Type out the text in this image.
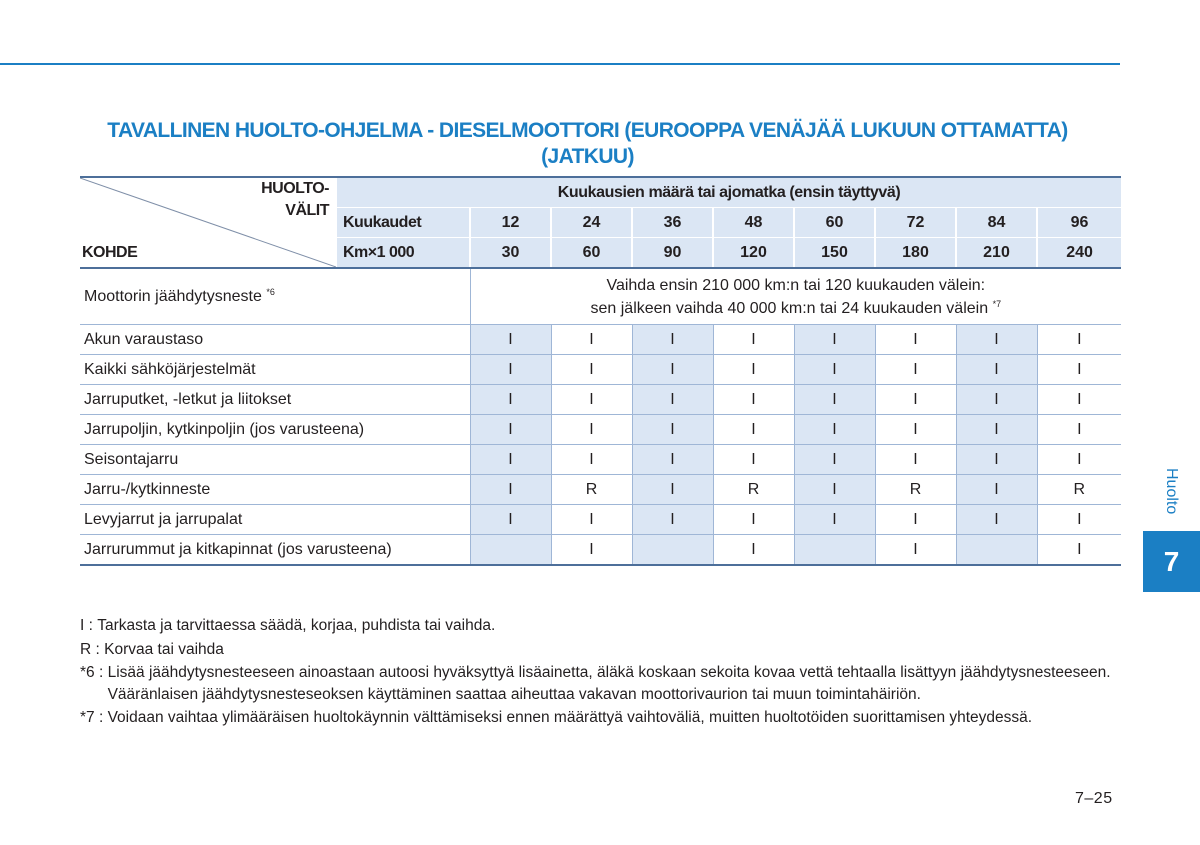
TAVALLINEN HUOLTO-OHJELMA - DIESELMOOTTORI (EUROOPPA VENÄJÄÄ LUKUUN OTTAMATTA)
(JATKUU)
HUOLTO-
VÄLIT
KOHDE	Kuukausien määrä tai ajomatka (ensin täyttyvä)								
	Kuukaudet	12	24	36	48	60	72	84	96
	Km×1 000	30	60	90	120	150	180	210	240
Moottorin jäähdytysneste $^{*6}$		Vaihda ensin 210 000 km:n tai 120 kuukauden välein:
sen jälkeen vaihda 40 000 km:n tai 24 kuukauden välein $^{*7}$

Akun varaustaso		I	I	I	I	I	I	I	I
Kaikki sähköjärjestelmät		I	I	I	I	I	I	I	I
Jarruputket, -letkut ja liitokset		I	I	I	I	I	I	I	I
Jarrupoljin, kytkinpoljin (jos varusteena)		I	I	I	I	I	I	I	I
Seisontajarru		I	I	I	I	I	I	I	I
Jarru-/kytkinneste		I	R	I	R	I	R	I	R
Levyjarrut ja jarrupalat		I	I	I	I	I	I	I	I
Jarrurummut ja kitkapinnat (jos varusteena)			I		I		I		I
I : Tarkasta ja tarvittaessa säädä, korjaa, puhdista tai vaihda.
R : Korvaa tai vaihda
*6 : Lisää jäähdytysnesteeseen ainoastaan autoosi hyväksyttyä lisäainetta, äläkä koskaan sekoita kovaa vettä tehtaalla lisättyyn jäähdytysnesteeseen. Vääränlaisen jäähdytysnesteseoksen käyttäminen saattaa aiheuttaa vakavan moottorivaurion tai muun toimintahäiriön.
*7 : Voidaan vaihtaa ylimääräisen huoltokäynnin välttämiseksi ennen määrättyä vaihtoväliä, muitten huoltotöiden suorittamisen yhteydessä.
Huolto
7
7–25
